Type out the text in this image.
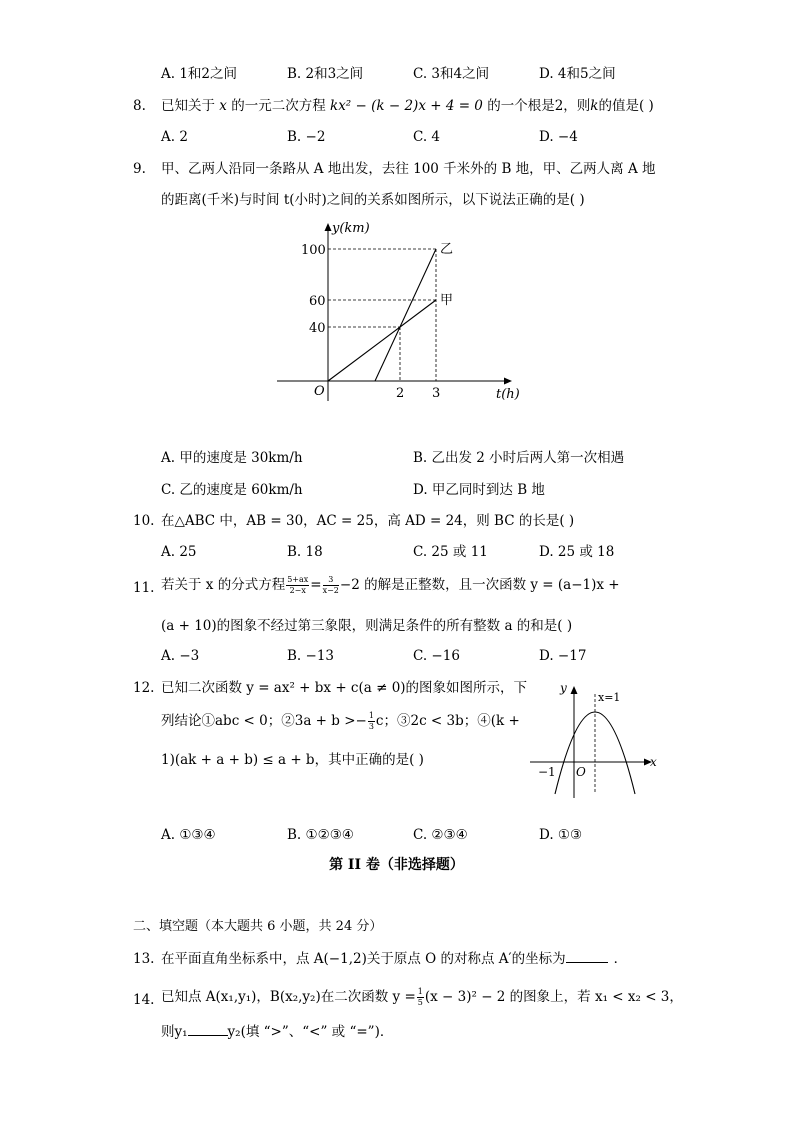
A. 1和2之间	B. 2和3之间	C. 3和4之间	D. 4和5之间
8. 已知关于 x 的一元二次方程 kx² − (k − 2)x + 4 = 0 的一个根是2，则k的值是( )
A. 2	B. −2	C. 4	D. −4
9. 甲、乙两人沿同一条路从 A 地出发，去往 100 千米外的 B 地，甲、乙两人离 A 地
的距离(千米)与时间 t(小时)之间的关系如图所示，以下说法正确的是( )
y(km)
t(h)
O
100
60
40
2 3
乙
甲
A. 甲的速度是 30km/h	B. 乙出发 2 小时后两人第一次相遇
C. 乙的速度是 60km/h	D. 甲乙同时到达 B 地
10. 在△ABC 中，AB = 30，AC = 25，高 AD = 24，则 BC 的长是( )
A. 25	B. 18	C. 25 或 11	D. 25 或 18
11. 若关于 x 的分式方程 $\frac{5+ax}{2-x} = \frac{3}{x-2} -2$ 的解是正整数，且一次函数 y = (a−1)x +
(a + 10)的图象不经过第三象限，则满足条件的所有整数 a 的和是( )
A. −3	B. −13	C. −16	D. −17
12. 已知二次函数 y = ax² + bx + c(a ≠ 0)的图象如图所示，下
列结论①abc < 0；②3a + $b >- \frac{1}{3}$ c；③2c < 3b；④(k +
1)(ak + a + b) ≤ a + b，其中正确的是( )
y
x
O
−1
x=1
A. ①③④	B. ①②③④	C. ②③④	D. ①③
第 II 卷（非选择题）
二、填空题（本大题共 6 小题，共 24 分）
13. 在平面直角坐标系中，点 A(−1,2)关于原点 O 的对称点 A′的坐标为	．
14. 已知点 A(x₁,y₁)，B(x₂,y₂)在二次函数 $y = \frac{1}{5} (x - 3)^2 - 2$ 的图象上，若 x₁ < x₂ < 3，
则y₁	y₂(填 “>”、“<” 或 “=”)．
